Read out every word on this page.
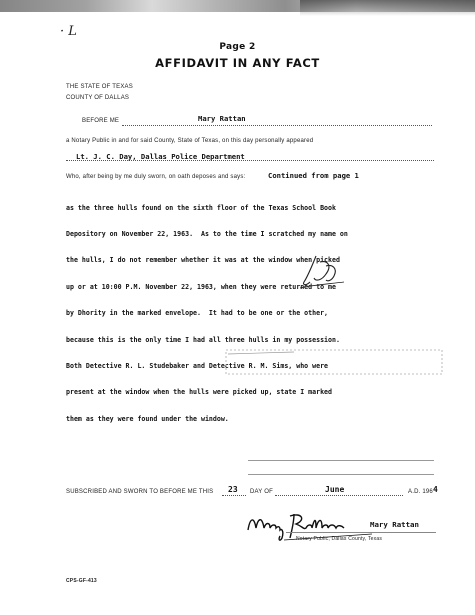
· L
Page 2
AFFIDAVIT IN ANY FACT
THE STATE OF TEXAS
COUNTY OF DALLAS
BEFORE ME	Mary Rattan
a Notary Public in and for said County, State of Texas, on this day personally appeared
Lt. J. C. Day, Dallas Police Department
Who, after being by me duly sworn, on oath deposes and says:	Continued from page 1

as the three hulls found on the sixth floor of the Texas School Book

Depository on November 22, 1963.  As to the time I scratched my name on

the hulls, I do not remember whether it was at the window when picked

up or at 10:00 P.M. November 22, 1963, when they were returned to me

by Dhority in the marked envelope.  It had to be one or the other,

because this is the only time I had all three hulls in my possession.

Both Detective R. L. Studebaker and Detective R. M. Sims, who were

present at the window when the hulls were picked up, state I marked

them as they were found under the window.

SUBSCRIBED AND SWORN TO BEFORE ME THIS 23 DAY OF	June	A.D. 196 4
Mary Rattan
Notary Public, Dallas County, Texas
CPS-GF-413
